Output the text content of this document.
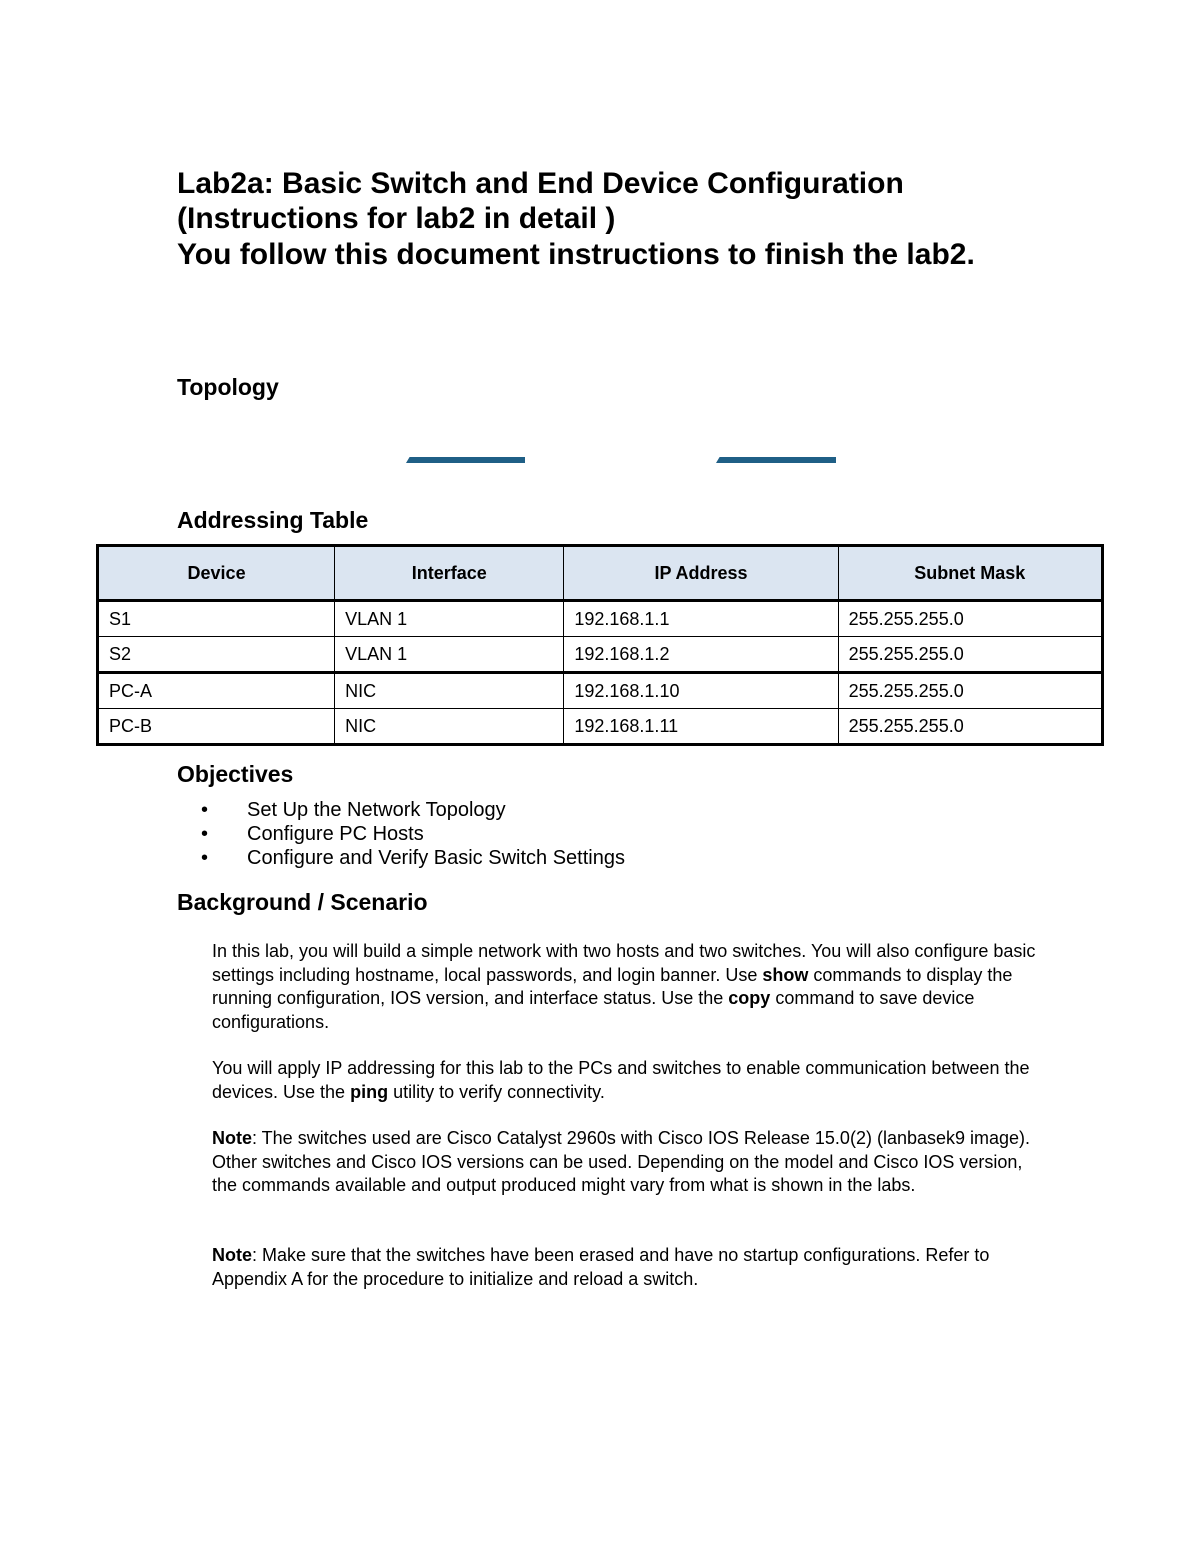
Lab2a: Basic Switch and End Device Configuration
(Instructions for lab2 in detail )
You follow this document instructions to finish the lab2.
Topology
Addressing Table
Device	Interface	IP Address	Subnet Mask
S1	VLAN 1	192.168.1.1	255.255.255.0
S2	VLAN 1	192.168.1.2	255.255.255.0
PC-A	NIC	192.168.1.10	255.255.255.0
PC-B	NIC	192.168.1.11	255.255.255.0
Objectives
• Set Up the Network Topology
• Configure PC Hosts
• Configure and Verify Basic Switch Settings
Background / Scenario
In this lab, you will build a simple network with two hosts and two switches. You will also configure basic settings including hostname, local passwords, and login banner. Use show commands to display the running configuration, IOS version, and interface status. Use the copy command to save device configurations.
You will apply IP addressing for this lab to the PCs and switches to enable communication between the devices. Use the ping utility to verify connectivity.
Note: The switches used are Cisco Catalyst 2960s with Cisco IOS Release 15.0(2) (lanbasek9 image). Other switches and Cisco IOS versions can be used. Depending on the model and Cisco IOS version, the commands available and output produced might vary from what is shown in the labs.
Note: Make sure that the switches have been erased and have no startup configurations. Refer to Appendix A for the procedure to initialize and reload a switch.
